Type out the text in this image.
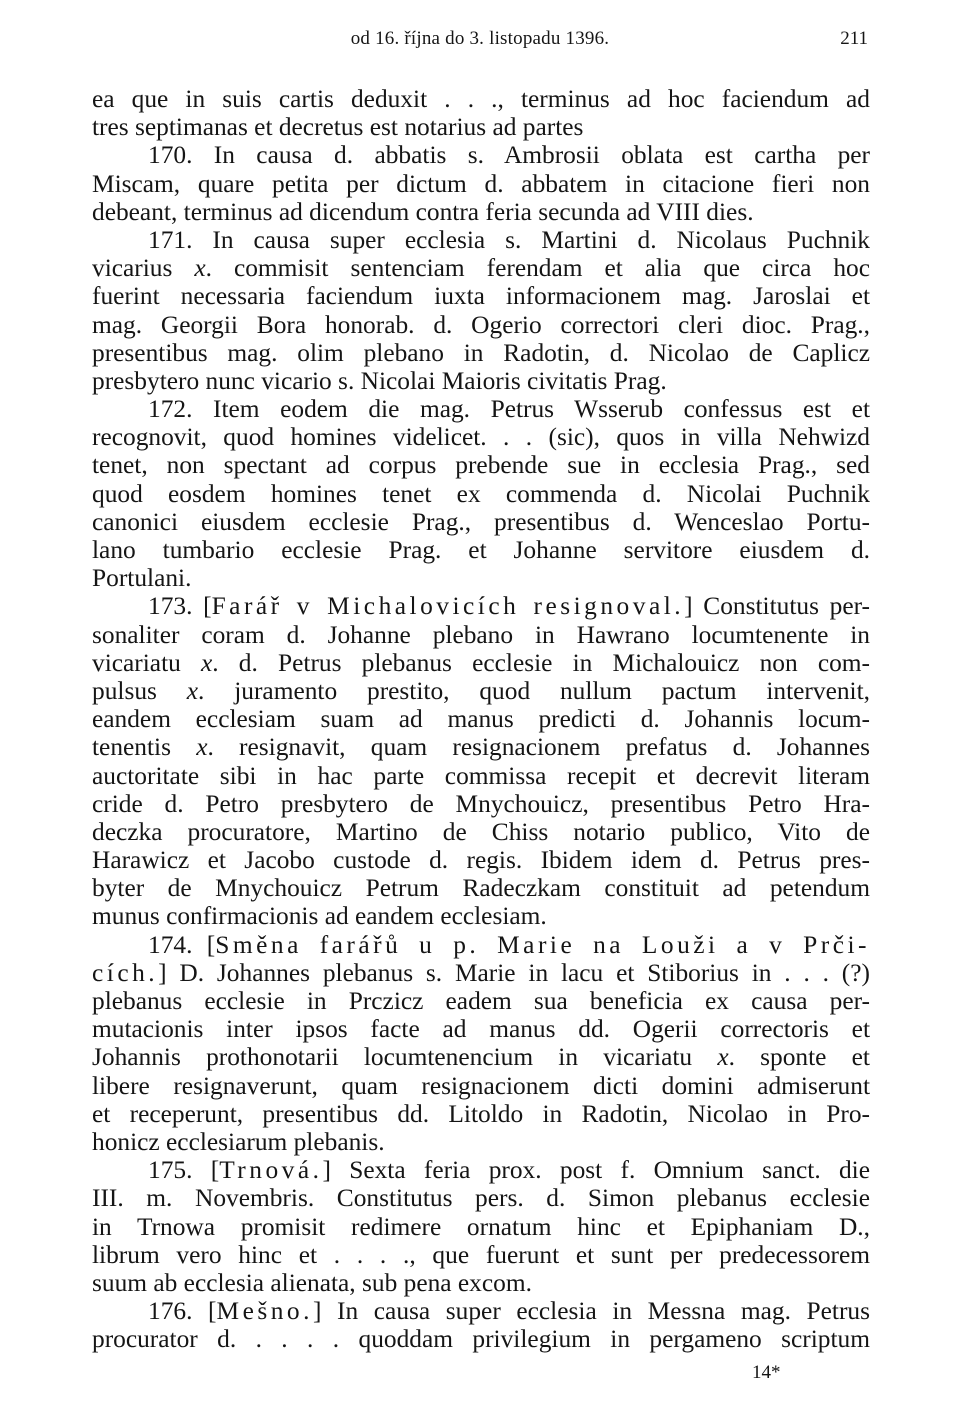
od 16. října do 3. listopadu 1396.	211
ea que in suis cartis deduxit . . ., terminus ad hoc faciendum ad
tres septimanas et decretus est notarius ad partes
170. In causa d. abbatis s. Ambrosii oblata est cartha per
Miscam, quare petita per dictum d. abbatem in citacione fieri non
debeant, terminus ad dicendum contra feria secunda ad VIII dies.
171. In causa super ecclesia s. Martini d. Nicolaus Puchnik
vicarius x. commisit sentenciam ferendam et alia que circa hoc
fuerint necessaria faciendum iuxta informacionem mag. Jaroslai et
mag. Georgii Bora honorab. d. Ogerio correctori cleri dioc. Prag.,
presentibus mag. olim plebano in Radotin, d. Nicolao de Caplicz
presbytero nunc vicario s. Nicolai Maioris civitatis Prag.
172. Item eodem die mag. Petrus Wsserub confessus est et
recognovit, quod homines videlicet. . . (sic), quos in villa Nehwizd
tenet, non spectant ad corpus prebende sue in ecclesia Prag., sed
quod eosdem homines tenet ex commenda d. Nicolai Puchnik
canonici eiusdem ecclesie Prag., presentibus d. Wenceslao Portu-
lano tumbario ecclesie Prag. et Johanne servitore eiusdem d.
Portulani.
173. [Farář v Michalovicích resignoval.] Constitutus per-
sonaliter coram d. Johanne plebano in Hawrano locumtenente in
vicariatu x. d. Petrus plebanus ecclesie in Michalouicz non com-
pulsus x. juramento prestito, quod nullum pactum intervenit,
eandem ecclesiam suam ad manus predicti d. Johannis locum-
tenentis x. resignavit, quam resignacionem prefatus d. Johannes
auctoritate sibi in hac parte commissa recepit et decrevit literam
cride d. Petro presbytero de Mnychouicz, presentibus Petro Hra-
deczka procuratore, Martino de Chiss notario publico, Vito de
Harawicz et Jacobo custode d. regis. Ibidem idem d. Petrus pres-
byter de Mnychouicz Petrum Radeczkam constituit ad petendum
munus confirmacionis ad eandem ecclesiam.
174. [Směna farářů u p. Marie na Louži a v Prči-
cích.] D. Johannes plebanus s. Marie in lacu et Stiborius in . . . (?)
plebanus ecclesie in Prczicz eadem sua beneficia ex causa per-
mutacionis inter ipsos facte ad manus dd. Ogerii correctoris et
Johannis prothonotarii locumtenencium in vicariatu x. sponte et
libere resignaverunt, quam resignacionem dicti domini admiserunt
et receperunt, presentibus dd. Litoldo in Radotin, Nicolao in Pro-
honicz ecclesiarum plebanis.
175. [Trnová.] Sexta feria prox. post f. Omnium sanct. die
III. m. Novembris. Constitutus pers. d. Simon plebanus ecclesie
in Trnowa promisit redimere ornatum hinc et Epiphaniam D.,
librum vero hinc et . . . ., que fuerunt et sunt per predecessorem
suum ab ecclesia alienata, sub pena excom.
176. [Mešno.] In causa super ecclesia in Messna mag. Petrus
procurator d. . . . . quoddam privilegium in pergameno scriptum
14*
